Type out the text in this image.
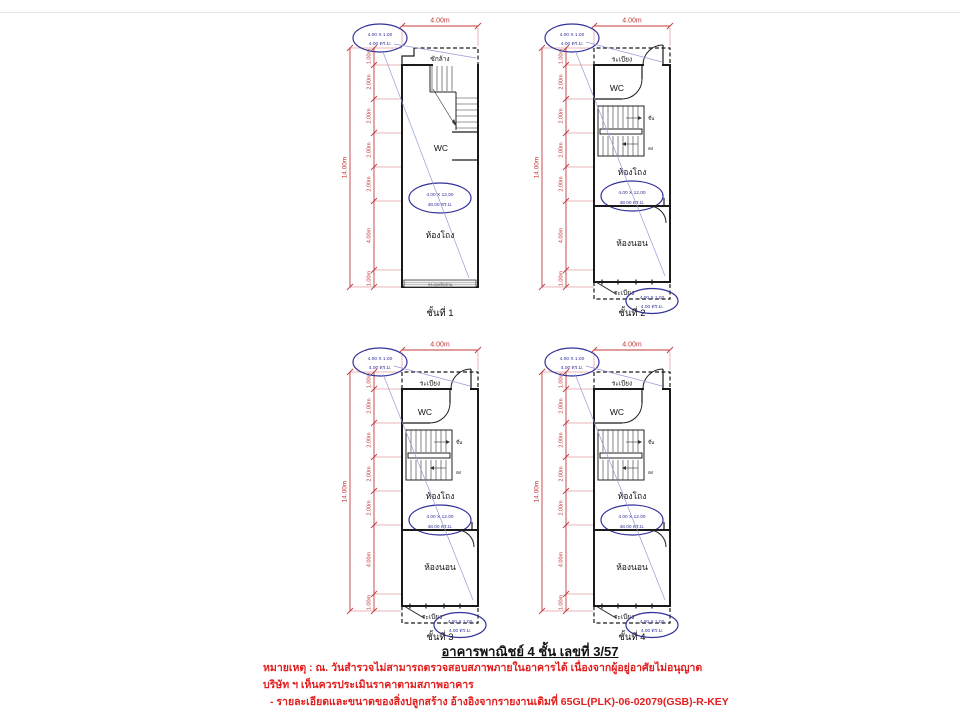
4.00m
1.00m
2.00m
2.00m
2.00m
2.00m
4.00m
1.00m
14.00m
WC
ซักล้าง
4.00 X 1.00
4.00 ตร.ม.
4.00 X 12.00
48.00 ตร.ม.
ห้องโถง
ประตูเหล็กม้วน
ชั้นที่ 1
4.00m
1.00m
2.00m
2.00m
2.00m
2.00m
4.00m
1.00m
14.00m
ระเบียง
WC
ขึ้น
ลง
ห้องโถง
4.00 X 12.00
48.00 ตร.ม.
ห้องนอน
ระเบียง
4.00 X 1.00
4.00 ตร.ม.
4.00 X 1.00
4.00 ตร.ม.
ชั้นที่ 2
4.00m
1.00m
2.00m
2.00m
2.00m
2.00m
4.00m
1.00m
14.00m
ระเบียง
WC
ขึ้น
ลง
ห้องโถง
4.00 X 12.00
48.00 ตร.ม.
ห้องนอน
ระเบียง
4.00 X 1.00
4.00 ตร.ม.
4.00 X 1.00
4.00 ตร.ม.
ชั้นที่ 3
4.00m
1.00m
2.00m
2.00m
2.00m
2.00m
4.00m
1.00m
14.00m
ระเบียง
WC
ขึ้น
ลง
ห้องโถง
4.00 X 12.00
48.00 ตร.ม.
ห้องนอน
ระเบียง
4.00 X 1.00
4.00 ตร.ม.
4.00 X 1.00
4.00 ตร.ม.
ชั้นที่ 4
อาคารพาณิชย์ 4 ชั้น เลขที่ 3/57
หมายเหตุ : ณ. วันสำรวจไม่สามารถตรวจสอบสภาพภายในอาคารได้ เนื่องจากผู้อยู่อาศัยไม่อนุญาต
บริษัท ฯ เห็นควรประเมินราคาตามสภาพอาคาร
- รายละเอียดและขนาดของสิ่งปลูกสร้าง อ้างอิงจากรายงานเดิมที่ 65GL(PLK)-06-02079(GSB)-R-KEY
